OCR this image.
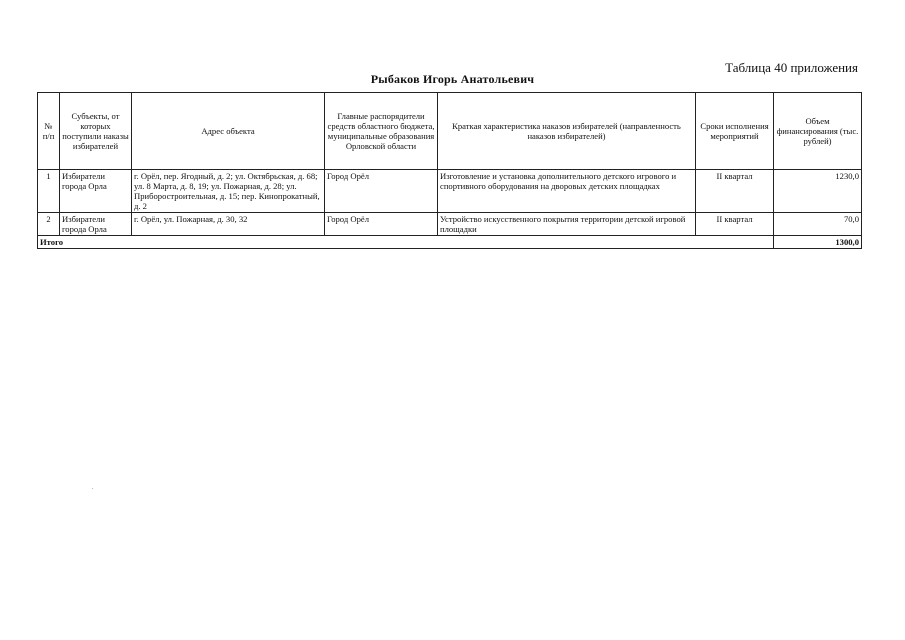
Таблица 40 приложения
Рыбаков Игорь Анатольевич
№ п/п	Субъекты, от которых поступили наказы избирателей	Адрес объекта	Главные распорядители средств областного бюджета, муниципальные образования Орловской области	Краткая характеристика наказов избирателей (направленность наказов избирателей)	Сроки исполнения мероприятий	Объем финансирования (тыс. рублей)
1	Избиратели города Орла	г. Орёл, пер. Ягодный, д. 2; ул. Октябрьская, д. 68; ул. 8 Марта, д. 8, 19; ул. Пожарная, д. 28; ул. Приборостроительная, д. 15; пер. Кинопрокатный, д. 2	Город Орёл	Изготовление и установка дополнительного детского игрового и спортивного оборудования на дворовых детских площадках	II квартал	1230,0
2	Избиратели города Орла	г. Орёл, ул. Пожарная, д. 30, 32	Город Орёл	Устройство искусственного покрытия территории детской игровой площадки	II квартал	70,0
Итого						1300,0
